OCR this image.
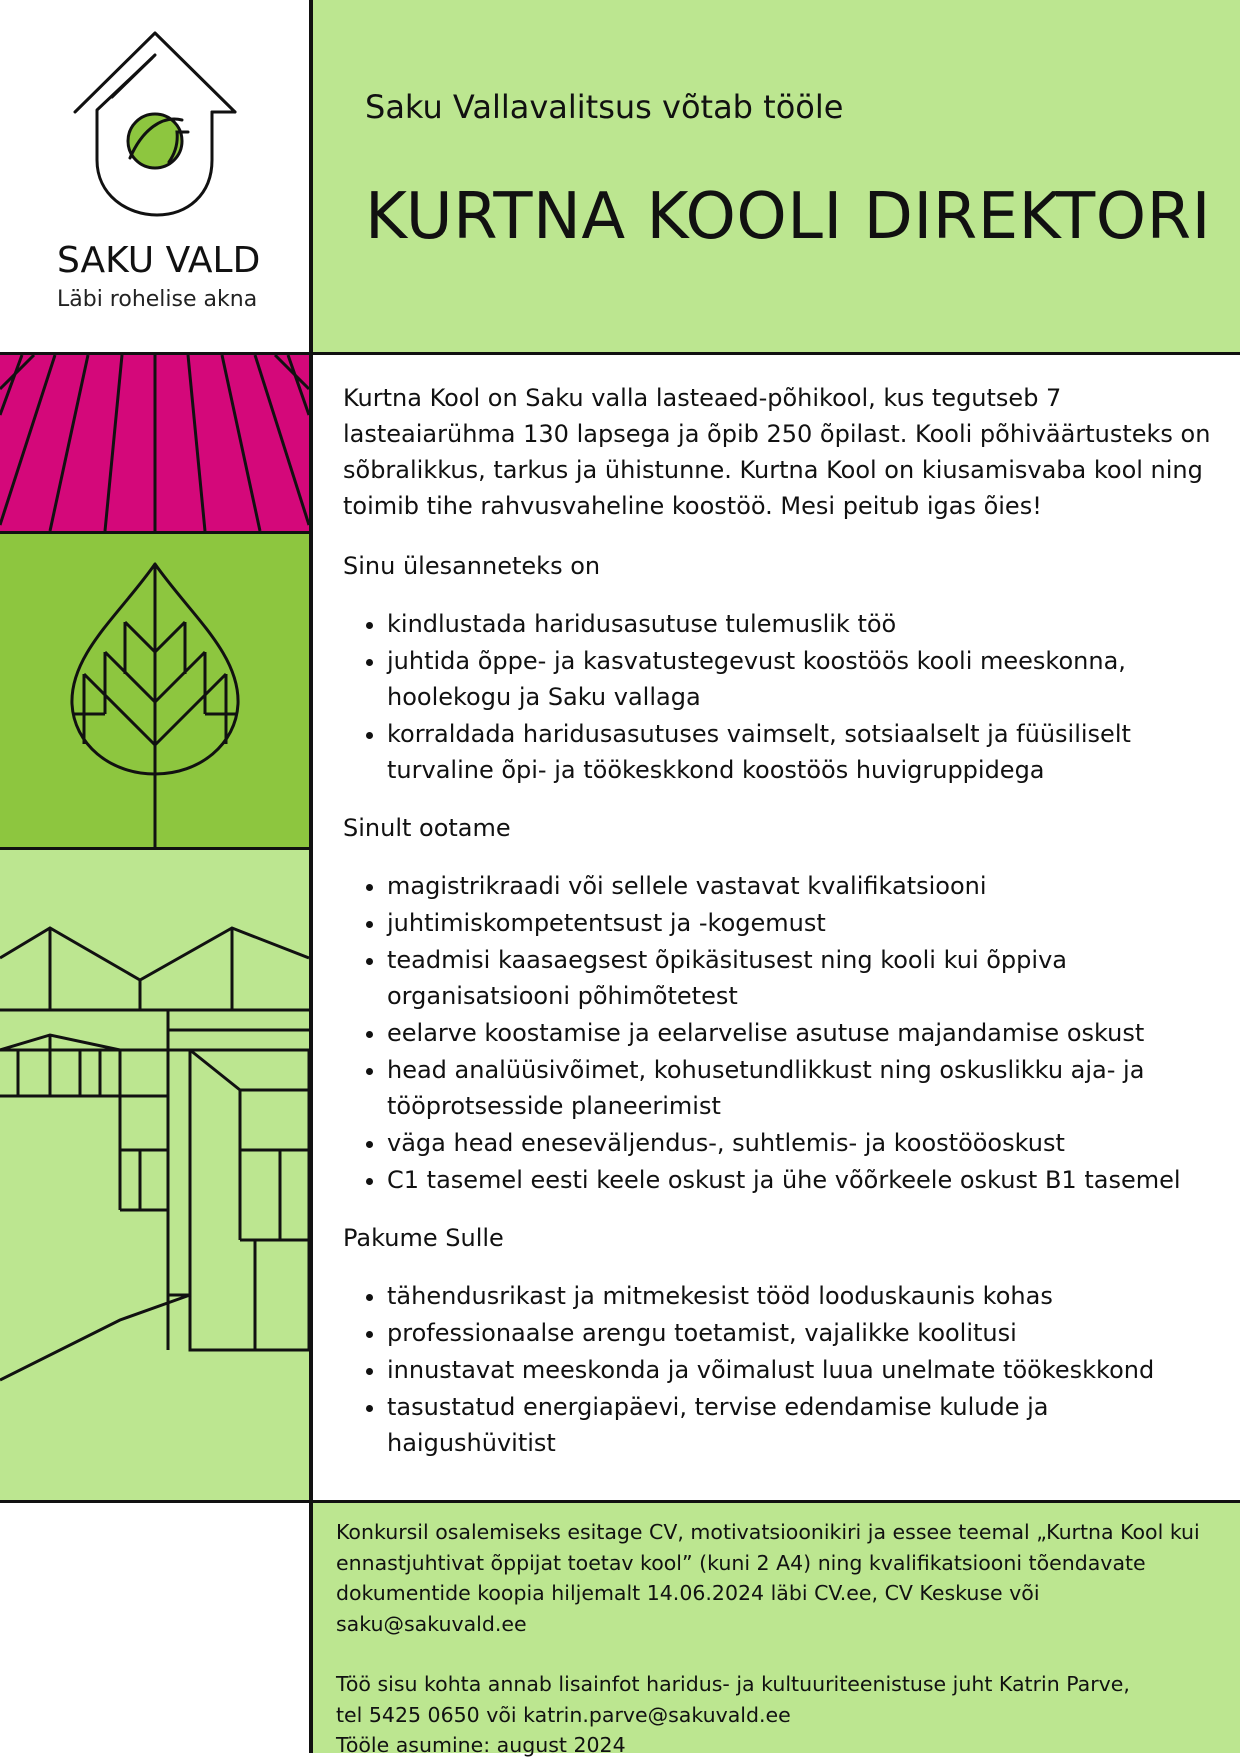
SAKU VALD
Läbi rohelise akna
Saku Vallavalitsus võtab tööle
KURTNA KOOLI DIREKTORI

Kurtna Kool on Saku valla lasteaed-põhikool, kus tegutseb 7 lasteaiarühma 130 lapsega ja õpib 250 õpilast. Kooli põhiväärtusteks on sõbralikkus, tarkus ja ühistunne. Kurtna Kool on kiusamisvaba kool ning toimib tihe rahvusvaheline koostöö. Mesi peitub igas õies!

Sinu ülesanneteks on
• kindlustada haridusasutuse tulemuslik töö
• juhtida õppe- ja kasvatustegevust koostöös kooli meeskonna, hoolekogu ja Saku vallaga
• korraldada haridusasutuses vaimselt, sotsiaalselt ja füüsiliselt turvaline õpi- ja töökeskkond koostöös huvigruppidega
Sinult ootame
• magistrikraadi või sellele vastavat kvalifikatsiooni
• juhtimiskompetentsust ja -kogemust
• teadmisi kaasaegsest õpikäsitusest ning kooli kui õppiva organisatsiooni põhimõtetest
• eelarve koostamise ja eelarvelise asutuse majandamise oskust
• head analüüsivõimet, kohusetundlikkust ning oskuslikku aja- ja tööprotsesside planeerimist
• väga head eneseväljendus-, suhtlemis- ja koostööoskust
• C1 tasemel eesti keele oskust ja ühe võõrkeele oskust B1 tasemel
Pakume Sulle
• tähendusrikast ja mitmekesist tööd looduskaunis kohas
• professionaalse arengu toetamist, vajalikke koolitusi
• innustavat meeskonda ja võimalust luua unelmate töökeskkond
• tasustatud energiapäevi, tervise edendamise kulude ja haigushüvitist

Konkursil osalemiseks esitage CV, motivatsioonikiri ja essee teemal „Kurtna Kool kui ennastjuhtivat õppijat toetav kool” (kuni 2 A4) ning kvalifikatsiooni tõendavate dokumentide koopia hiljemalt 14.06.2024 läbi CV.ee, CV Keskuse või saku@sakuvald.ee

Töö sisu kohta annab lisainfot haridus- ja kultuuriteenistuse juht Katrin Parve,
tel 5425 0650 või katrin.parve@sakuvald.ee
Tööle asumine: august 2024
